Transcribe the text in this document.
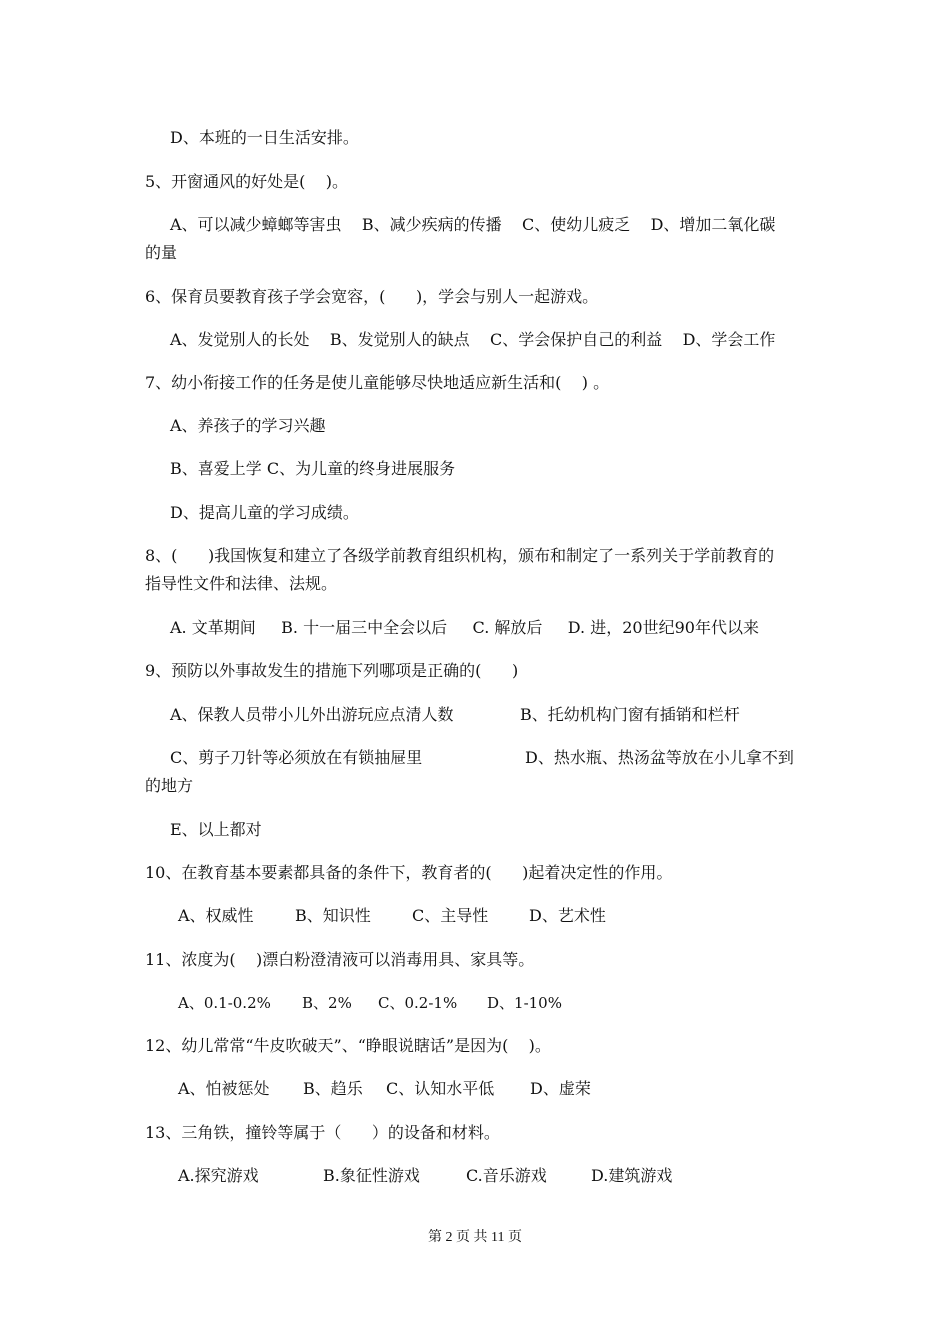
D、本班的一日生活安排。
5、开窗通风的好处是(    )。
A、可以减少蟑螂等害虫    B、减少疾病的传播    C、使幼儿疲乏    D、增加二氧化碳
的量
6、保育员要教育孩子学会宽容，(      )，学会与别人一起游戏。
A、发觉别人的长处    B、发觉别人的缺点    C、学会保护自己的利益    D、学会工作
7、幼小衔接工作的任务是使儿童能够尽快地适应新生活和(    ) 。
A、养孩子的学习兴趣
B、喜爱上学 C、为儿童的终身进展服务
D、提高儿童的学习成绩。
8、(      )我国恢复和建立了各级学前教育组织机构，颁布和制定了一系列关于学前教育的
指导性文件和法律、法规。
A. 文革期间     B. 十一届三中全会以后     C. 解放后     D. 进，20世纪90年代以来
9、预防以外事故发生的措施下列哪项是正确的(      )
A、保教人员带小儿外出游玩应点清人数	B、托幼机构门窗有插销和栏杆
C、剪子刀针等必须放在有锁抽屉里	D、热水瓶、热汤盆等放在小儿拿不到
的地方
E、以上都对
10、在教育基本要素都具备的条件下，教育者的(      )起着决定性的作用。
A、权威性	B、知识性	C、主导性	D、艺术性
11、浓度为(    )漂白粉澄清液可以消毒用具、家具等。
A、0.1-0.2% B、2% C、0.2-1% D、1-10%
12、幼儿常常“牛皮吹破天”、“睁眼说瞎话”是因为(    )。
A、怕被惩处 B、趋乐 C、认知水平低 D、虚荣
13、三角铁，撞铃等属于（      ）的设备和材料。
A.探究游戏	B.象征性游戏	C.音乐游戏	D.建筑游戏
第 2 页 共 11 页
